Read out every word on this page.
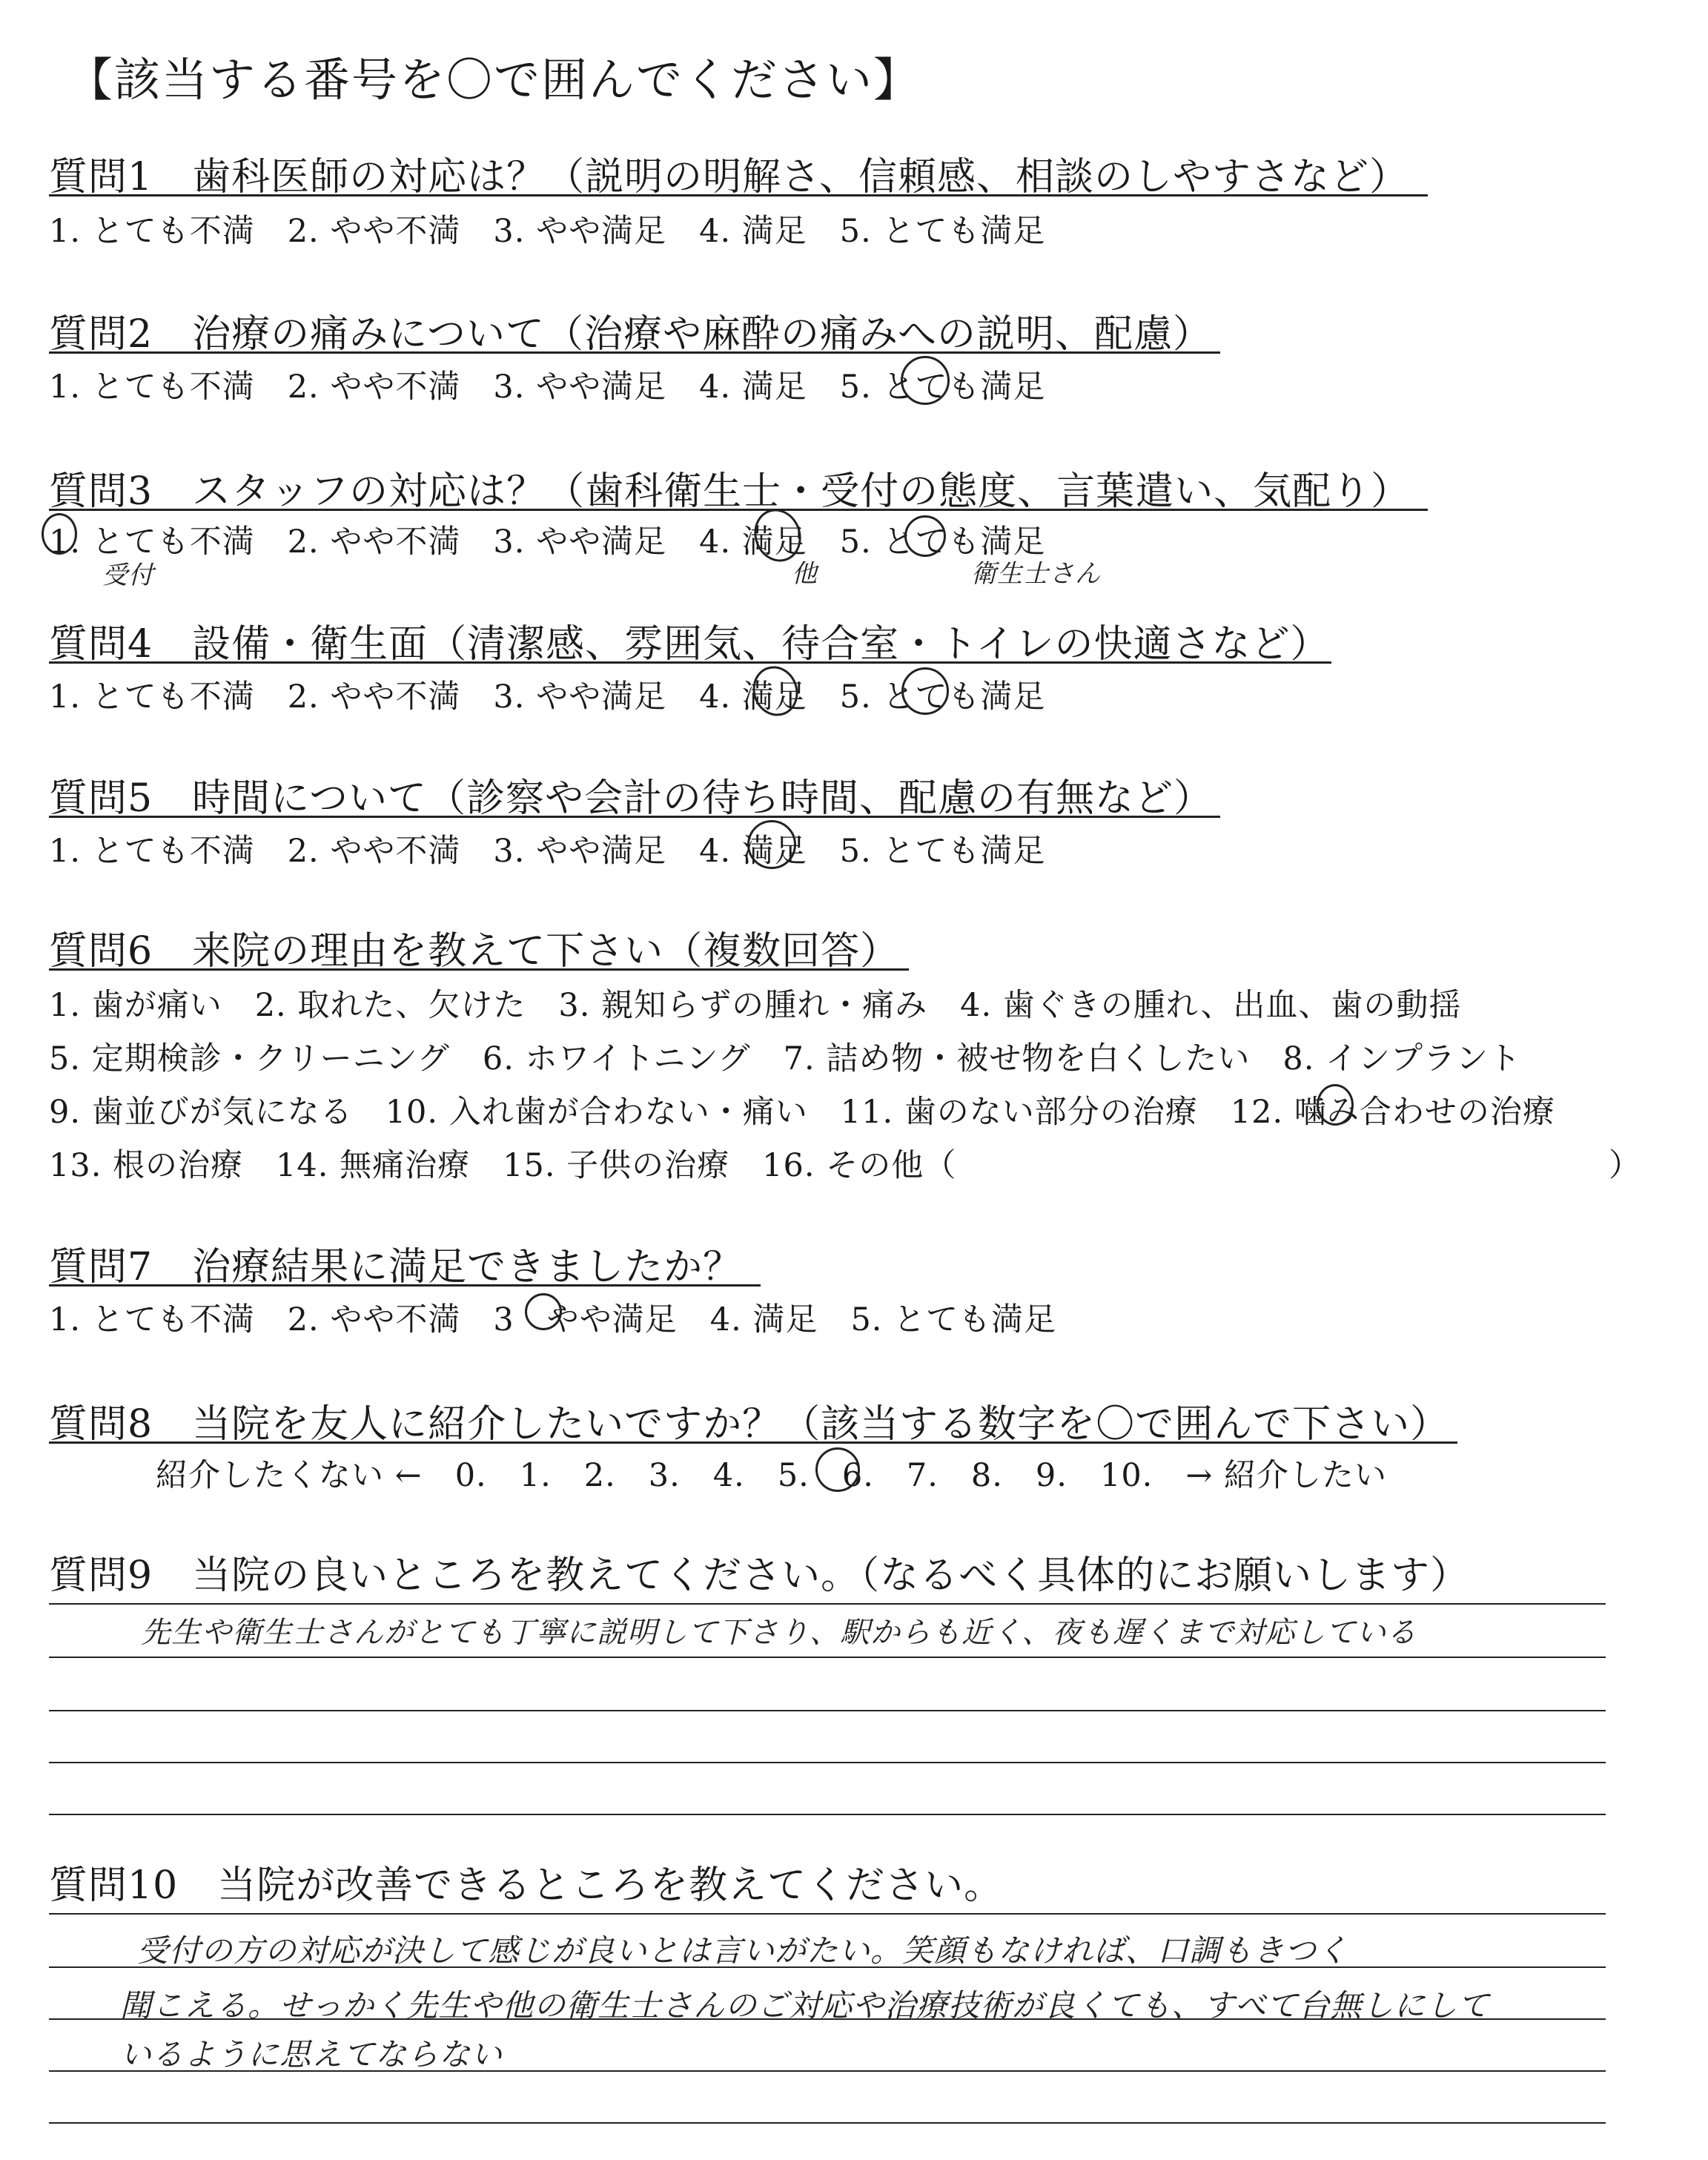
【該当する番号を〇で囲んでください】
質問1　歯科医師の対応は？（説明の明解さ、信頼感、相談のしやすさなど）
1. とても不満　2. やや不満　3. やや満足　4. 満足　5. とても満足
質問2　治療の痛みについて（治療や麻酔の痛みへの説明、配慮）
1. とても不満　2. やや不満　3. やや満足　4. 満足　5. とても満足
質問3　スタッフの対応は？（歯科衛生士・受付の態度、言葉遣い、気配り）
1. とても不満　2. やや不満　3. やや満足　4. 満足　5. とても満足
受付	他	衛生士さん
質問4　設備・衛生面（清潔感、雰囲気、待合室・トイレの快適さなど）
1. とても不満　2. やや不満　3. やや満足　4. 満足　5. とても満足
質問5　時間について（診察や会計の待ち時間、配慮の有無など）
1. とても不満　2. やや不満　3. やや満足　4. 満足　5. とても満足
質問6　来院の理由を教えて下さい（複数回答）
1. 歯が痛い　2. 取れた、欠けた　3. 親知らずの腫れ・痛み　4. 歯ぐきの腫れ、出血、歯の動揺
5. 定期検診・クリーニング　6. ホワイトニング　7. 詰め物・被せ物を白くしたい　8. インプラント
9. 歯並びが気になる　10. 入れ歯が合わない・痛い　11. 歯のない部分の治療　12. 噛み合わせの治療
13. 根の治療　14. 無痛治療　15. 子供の治療　16. その他（	）
質問7　治療結果に満足できましたか？
1. とても不満　2. やや不満　3　やや満足　4. 満足　5. とても満足
質問8　当院を友人に紹介したいですか？（該当する数字を〇で囲んで下さい）
紹介したくない ←　0.　1.　2.　3.　4.　5.　6.　7.　8.　9.　10.　→ 紹介したい
質問9　当院の良いところを教えてください。（なるべく具体的にお願いします）
先生や衛生士さんがとても丁寧に説明して下さり、駅からも近く、夜も遅くまで対応している
質問10　当院が改善できるところを教えてください。
受付の方の対応が決して感じが良いとは言いがたい。笑顔もなければ、口調もきつく
聞こえる。せっかく先生や他の衛生士さんのご対応や治療技術が良くても、すべて台無しにして
いるように思えてならない
